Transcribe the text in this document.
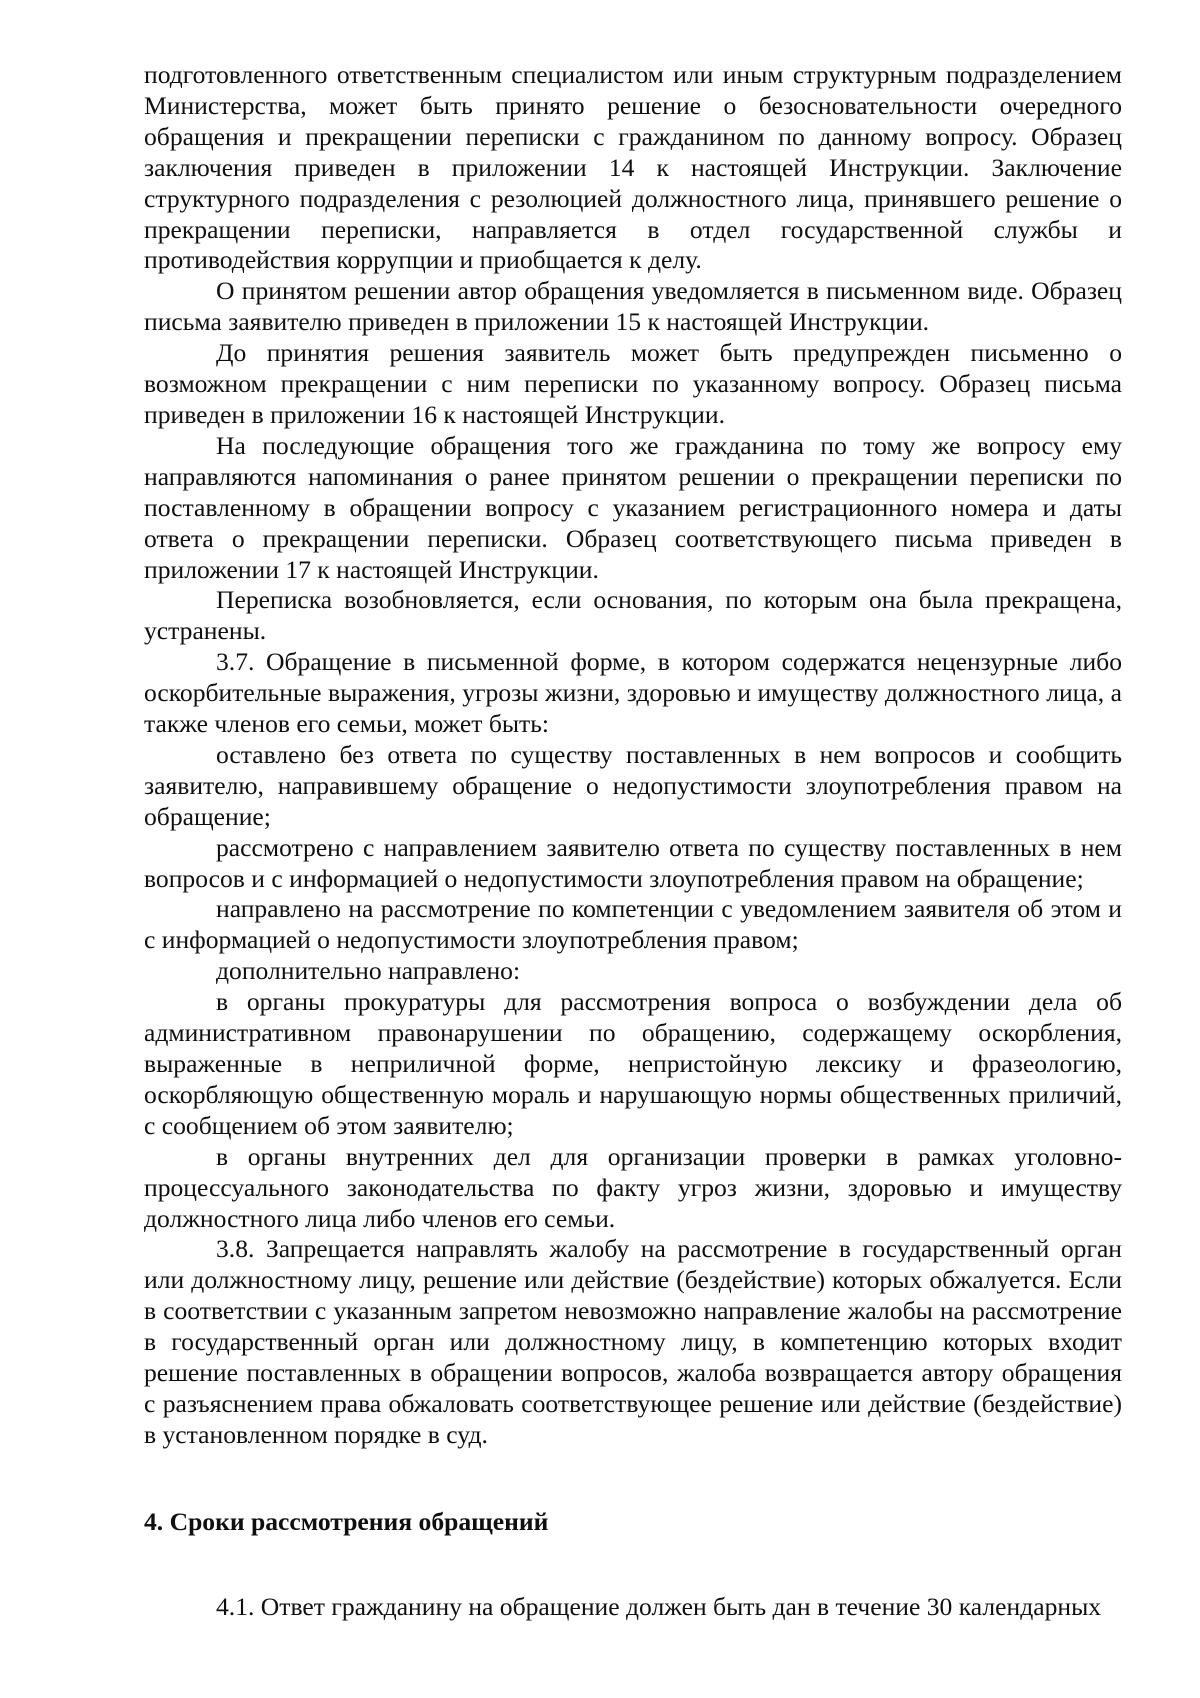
подготовленного ответственным специалистом или иным структурным подразделением Министерства, может быть принято решение о безосновательности очередного обращения и прекращении переписки с гражданином по данному вопросу. Образец заключения приведен в приложении 14 к настоящей Инструкции. Заключение структурного подразделения с резолюцией должностного лица, принявшего решение о прекращении переписки, направляется в отдел государственной службы и противодействия коррупции и приобщается к делу.

О принятом решении автор обращения уведомляется в письменном виде. Образец письма заявителю приведен в приложении 15 к настоящей Инструкции.

До принятия решения заявитель может быть предупрежден письменно о возможном прекращении с ним переписки по указанному вопросу. Образец письма приведен в приложении 16 к настоящей Инструкции.

На последующие обращения того же гражданина по тому же вопросу ему направляются напоминания о ранее принятом решении о прекращении переписки по поставленному в обращении вопросу с указанием регистрационного номера и даты ответа о прекращении переписки. Образец соответствующего письма приведен в приложении 17 к настоящей Инструкции.

Переписка возобновляется, если основания, по которым она была прекращена, устранены.

3.7. Обращение в письменной форме, в котором содержатся нецензурные либо оскорбительные выражения, угрозы жизни, здоровью и имуществу должностного лица, а также членов его семьи, может быть:

оставлено без ответа по существу поставленных в нем вопросов и сообщить заявителю, направившему обращение о недопустимости злоупотребления правом на обращение;

рассмотрено с направлением заявителю ответа по существу поставленных в нем вопросов и с информацией о недопустимости злоупотребления правом на обращение;

направлено на рассмотрение по компетенции с уведомлением заявителя об этом и с информацией о недопустимости злоупотребления правом;

дополнительно направлено:

в органы прокуратуры для рассмотрения вопроса о возбуждении дела об административном правонарушении по обращению, содержащему оскорбления, выраженные в неприличной форме, непристойную лексику и фразеологию, оскорбляющую общественную мораль и нарушающую нормы общественных приличий, с сообщением об этом заявителю;

в органы внутренних дел для организации проверки в рамках уголовно-процессуального законодательства по факту угроз жизни, здоровью и имуществу должностного лица либо членов его семьи.

3.8. Запрещается направлять жалобу на рассмотрение в государственный орган или должностному лицу, решение или действие (бездействие) которых обжалуется. Если в соответствии с указанным запретом невозможно направление жалобы на рассмотрение в государственный орган или должностному лицу, в компетенцию которых входит решение поставленных в обращении вопросов, жалоба возвращается автору обращения с разъяснением права обжаловать соответствующее решение или действие (бездействие) в установленном порядке в суд.

4. Сроки рассмотрения обращений

4.1. Ответ гражданину на обращение должен быть дан в течение 30 календарных
